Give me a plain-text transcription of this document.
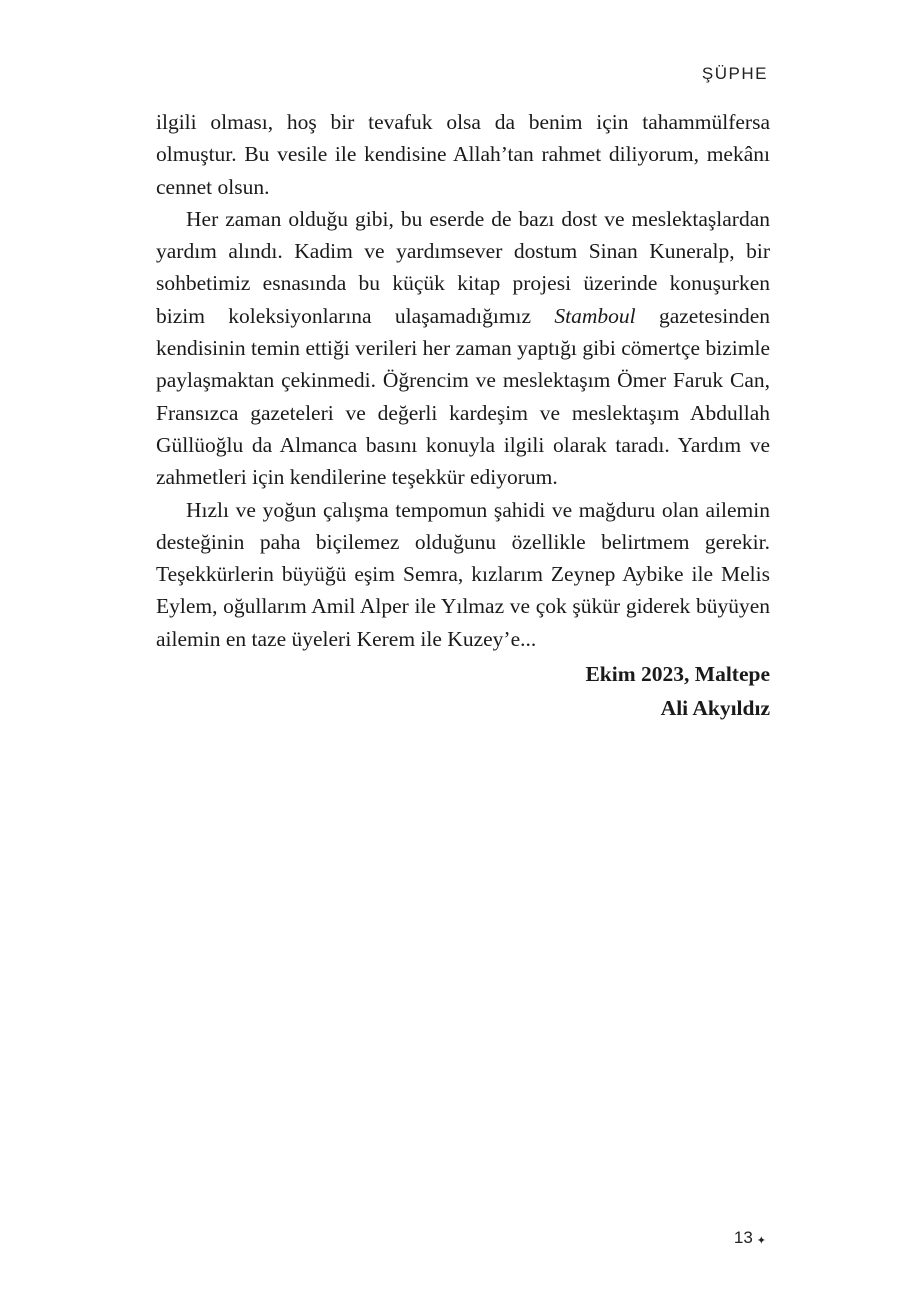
ŞÜPHE

ilgili olması, hoş bir tevafuk olsa da benim için tahammülfersa olmuştur. Bu vesile ile kendisine Allah’tan rahmet diliyorum, mekânı cennet olsun.

Her zaman olduğu gibi, bu eserde de bazı dost ve meslektaşlardan yardım alındı. Kadim ve yardımsever dostum Sinan Kuneralp, bir sohbetimiz esnasında bu küçük kitap projesi üzerinde konuşurken bizim koleksiyonlarına ulaşamadığımız Stamboul gazetesinden kendisinin temin ettiği verileri her zaman yaptığı gibi cömertçe bizimle paylaşmaktan çekinmedi. Öğrencim ve meslektaşım Ömer Faruk Can, Fransızca gazeteleri ve değerli kardeşim ve meslektaşım Abdullah Güllüoğlu da Almanca basını konuyla ilgili olarak taradı. Yardım ve zahmetleri için kendilerine teşekkür ediyorum.

Hızlı ve yoğun çalışma tempomun şahidi ve mağduru olan ailemin desteğinin paha biçilemez olduğunu özellikle belirtmem gerekir. Teşekkürlerin büyüğü eşim Semra, kızlarım Zeynep Aybike ile Melis Eylem, oğullarım Amil Alper ile Yılmaz ve çok şükür giderek büyüyen ailemin en taze üyeleri Kerem ile Kuzey’e...

Ekim 2023, Maltepe
Ali Akyıldız
13 ✦
